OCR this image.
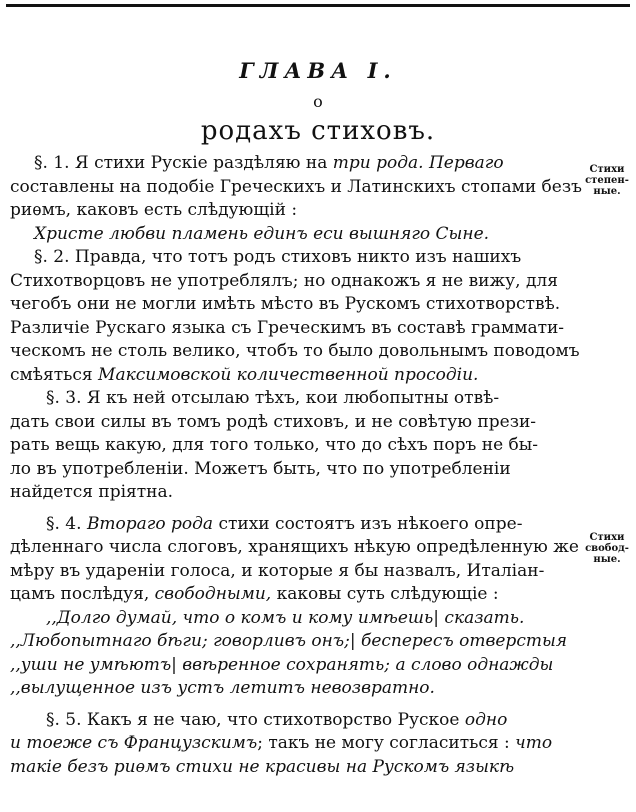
ГЛАВА I.
о
родахъ стиховъ.
§. 1. Я стихи Рускiе раздѣляю на три рода. Перваго
составлены на подобiе Греческихъ и Латинскихъ стопами безъ
риѳмъ, каковъ есть слѣдующiй :
Христе любви пламень единъ еси вышняго Сыне.
§. 2. Правда, что тотъ родъ стиховъ никто изъ нашихъ
Стихотворцовъ не употреблялъ; но однакожъ я не вижу, для
чегобъ они не могли имѣть мѣсто въ Рускомъ стихотворствѣ.
Различiе Рускаго языка съ Греческимъ въ составѣ граммати-
ческомъ не столь велико, чтобъ то было довольнымъ поводомъ
смѣяться Максимовской количественной просодiи.
§. 3. Я къ ней отсылаю тѣхъ, кои любопытны отвѣ-
дать свои силы въ томъ родѣ стиховъ, и не совѣтую прези-
рать вещь какую, для того только, что до сѣхъ поръ не бы-
ло въ употребленiи. Можетъ быть, что по употребленiи
найдется прiятна.
§. 4. Втораго рода стихи состоятъ изъ нѣкоего опре-
дѣленнаго числа слоговъ, хранящихъ нѣкую опредѣленную же
мѣру въ ударенiи голоса, и которые я бы назвалъ, Италiан-
цамъ послѣдуя, свободными, каковы суть слѣдующiе :
,,Долго думай, что о комъ и кому имѣешь| сказать.
,,Любопытнаго бѣги; говорливъ онъ;| беспересъ отверстыя
,,уши не умѣютъ| ввѣренное сохранять; а слово однажды
,,вылущенное изъ устъ летитъ невозвратно.
§. 5. Какъ я не чаю, что стихотворство Руское одно
и тоеже съ Французскимъ; такъ не могу согласиться : что
такiе безъ риѳмъ стихи не красивы на Рускомъ языкѣ
Стихи
степен-
ные.
Стихи
свобод-
ные.
